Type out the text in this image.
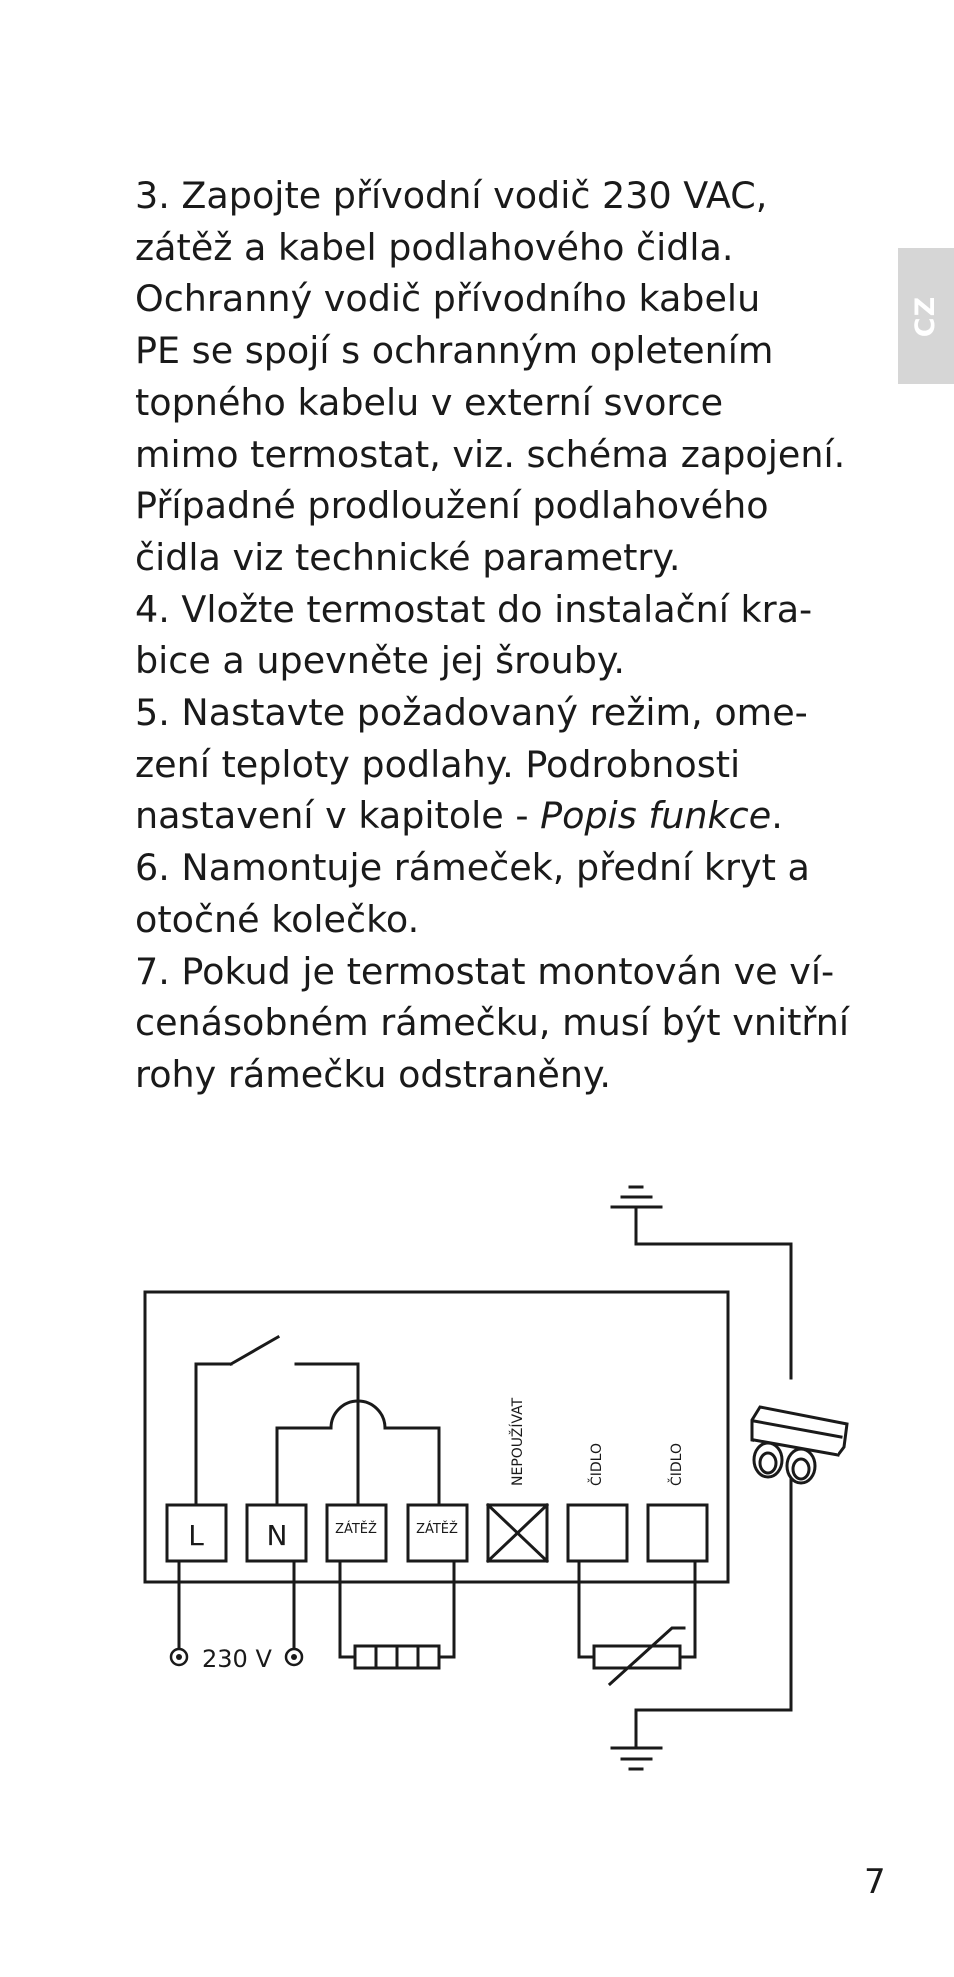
CZ

3. Zapojte přívodní vodič 230 VAC,
zátěž a kabel podlahového čidla.
Ochranný vodič přívodního kabelu
PE se spojí s ochranným opletením
topného kabelu v externí svorce
mimo termostat, viz. schéma zapojení.
Případné prodloužení podlahového
čidla viz technické parametry.

4. Vložte termostat do instalační kra-
bice a upevněte jej šrouby.

5. Nastavte požadovaný režim, ome-
zení teploty podlahy. Podrobnosti
nastavení v kapitole - Popis funkce.

6. Namontuje rámeček, přední kryt a
otočné kolečko.

7. Pokud je termostat montován ve ví-
cenásobném rámečku, musí být vnitřní
rohy rámečku odstraněny.

L N	ZÁTĚŽ	ZÁTĚŽ
NEPOUŽÍVAT	ČIDLO	ČIDLO
230 V
7
